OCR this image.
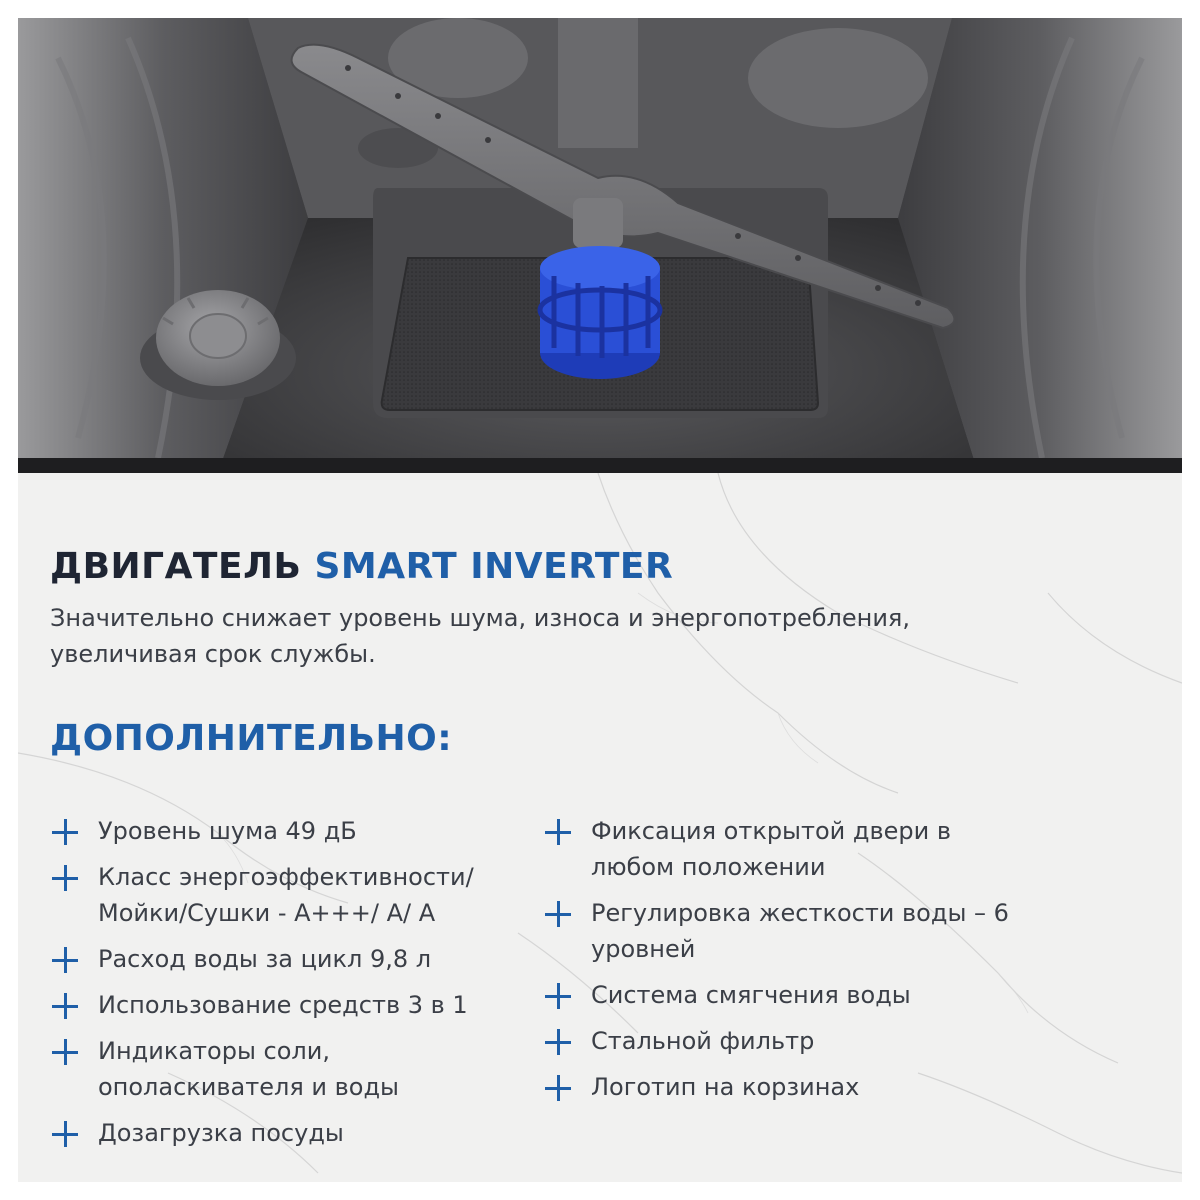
ДВИГАТЕЛЬ SMART INVERTER

Значительно снижает уровень шума, износа и энергопотребления, увеличивая срок службы.

ДОПОЛНИТЕЛЬНО:
Уровень шума 49 дБ
Класс энергоэффективности/ Мойки/Сушки - А+++/ А/ А
Расход воды за цикл 9,8 л
Использование средств 3 в 1
Индикаторы соли, ополаскивателя и воды
Дозагрузка посуды
Фиксация открытой двери в любом положении
Регулировка жесткости воды – 6 уровней
Система смягчения воды
Стальной фильтр
Логотип на корзинах
